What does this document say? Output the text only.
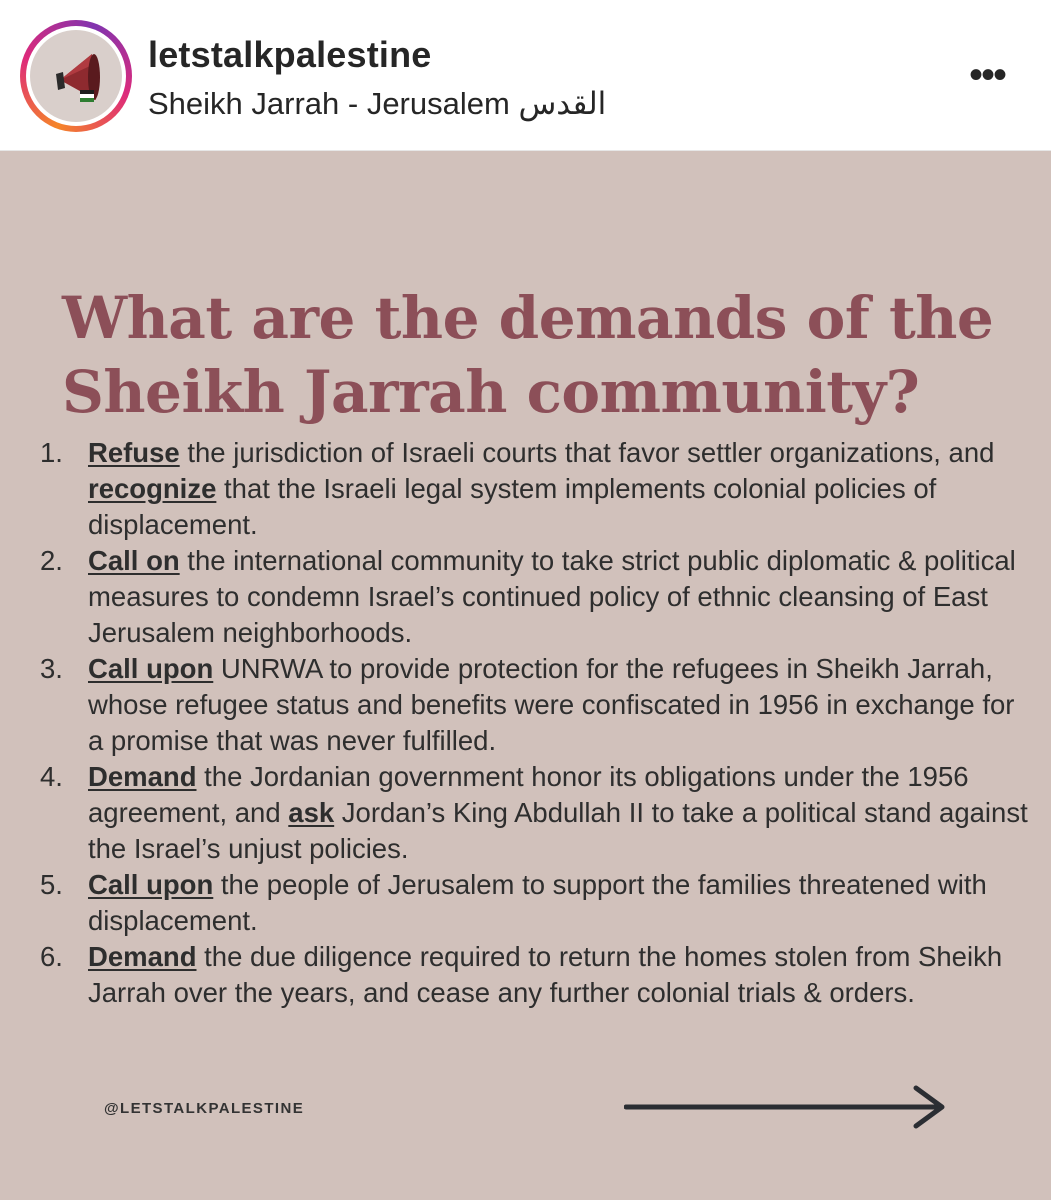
letstalkpalestine
Sheikh Jarrah - Jerusalem القدس
•••
What are the demands of the
Sheikh Jarrah community?
1. Refuse the jurisdiction of Israeli courts that favor settler organizations, and recognize that the Israeli legal system implements colonial policies of displacement.
2. Call on the international community to take strict public diplomatic & political measures to condemn Israel’s continued policy of ethnic cleansing of East Jerusalem neighborhoods.
3. Call upon UNRWA to provide protection for the refugees in Sheikh Jarrah, whose refugee status and benefits were confiscated in 1956 in exchange for a promise that was never fulfilled.
4. Demand the Jordanian government honor its obligations under the 1956 agreement, and ask Jordan’s King Abdullah II to take a political stand against the Israel’s unjust policies.
5. Call upon the people of Jerusalem to support the families threatened with displacement.
6. Demand the due diligence required to return the homes stolen from Sheikh Jarrah over the years, and cease any further colonial trials & orders.
@LETSTALKPALESTINE
